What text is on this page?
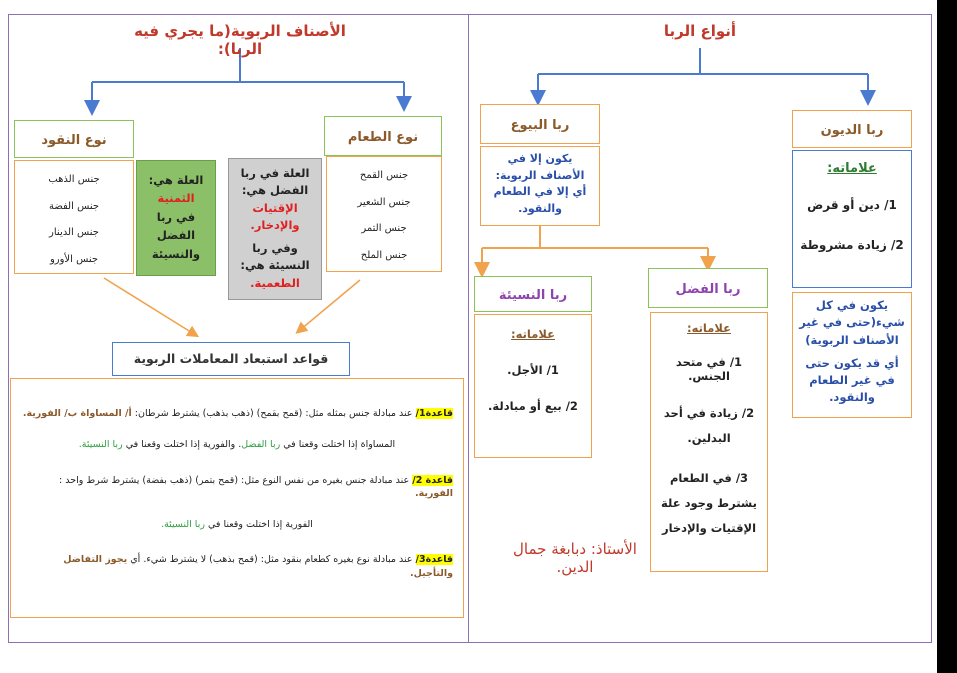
أنواع الربا
ربا الديون
علاماته:
1/ دين أو قرض
2/ زيادة مشروطة
يكون في كل شيء(حتى في غير الأصناف الربوية)
أي قد يكون حتى في غير الطعام والنقود.
ربا البيوع
يكون إلا في الأصناف الربوية: أي إلا في الطعام والنقود.
ربا الفضل
علاماته:
1/ في متحد الجنس.
2/ زيادة في أحد البدلين.
3/ في الطعام يشترط وجود علة الإقتيات والإدخار
ربا النسيئة
علاماته:
1/ الأجل.
2/ بيع أو مبادلة.
الأستاذ: دبابغة جمال الدين.
الأصناف الربوية(ما يجري فيه الربا):
نوع الطعام
جنس القمح
جنس الشعير
جنس التمر
جنس الملح
نوع النقود
جنس الذهب
جنس الفضة
جنس الدينار
جنس الأورو
العلة في ربا الفضل هي:
الإقتيات والإدخار.
وفي ربا النسيئة هي:
الطعمية.
العلة هي:
الثمنية
في ربا الفضل والنسيئة
قواعد استبعاد المعاملات الربوية
قاعدة1/ عند مبادلة جنس بمثله مثل: (قمح بقمح) (ذهب بذهب) يشترط شرطان: أ/ المساواة ب/ الفورية.
المساواة إذا اختلت وقعنا في ربا الفضل. والفورية إذا اختلت وقعنا في ربا النسيئة.
قاعدة 2/ عند مبادلة جنس بغيره من نفس النوع مثل: (قمح بتمر) (ذهب بفضة) يشترط شرط واحد : الفورية.
الفورية إذا اختلت وقعنا في ربا النسيئة.
قاعدة3/ عند مبادلة نوع بغيره كطعام بنقود مثل: (قمح بذهب) لا يشترط شيء. أي يجوز التفاضل والتأجيل.
